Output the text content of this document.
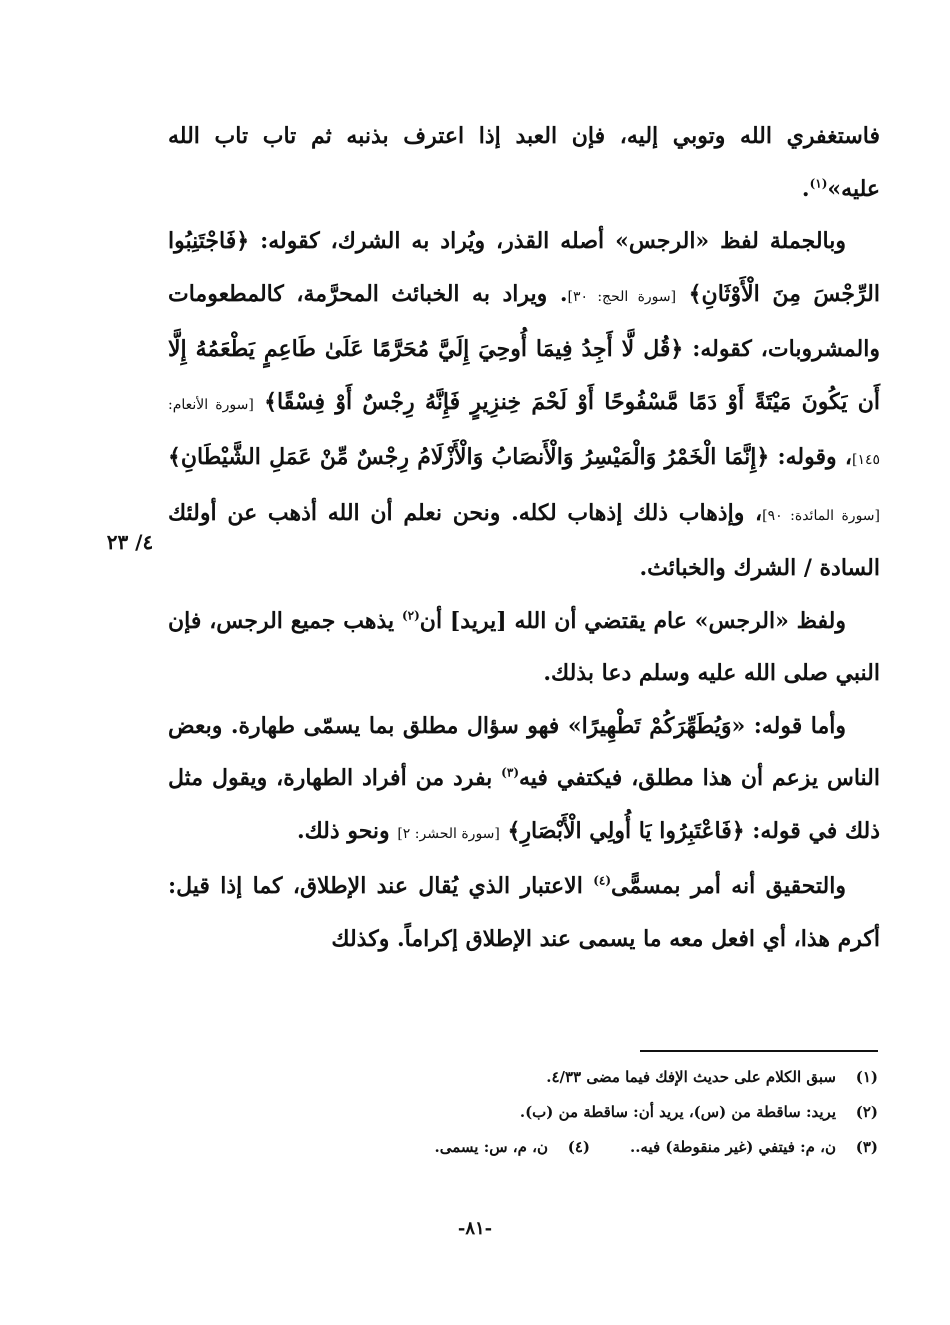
فاستغفري الله وتوبي إليه، فإن العبد إذا اعترف بذنبه ثم تاب تاب الله عليه»$^{(١)}$.

وبالجملة لفظ «الرجس» أصله القذر، ويُراد به الشرك، كقوله: ﴿فَاجْتَنِبُوا الرِّجْسَ مِنَ الْأَوْثَانِ﴾ [سورة الحج: ٣٠]. ويراد به الخبائث المحرَّمة، كالمطعومات والمشروبات، كقوله: ﴿قُل لَّا أَجِدُ فِيمَا أُوحِيَ إِلَيَّ مُحَرَّمًا عَلَىٰ طَاعِمٍ يَطْعَمُهُ إِلَّا أَن يَكُونَ مَيْتَةً أَوْ دَمًا مَّسْفُوحًا أَوْ لَحْمَ خِنزِيرٍ فَإِنَّهُ رِجْسٌ أَوْ فِسْقًا﴾ [سورة الأنعام: ١٤٥]، وقوله: ﴿إِنَّمَا الْخَمْرُ وَالْمَيْسِرُ وَالْأَنصَابُ وَالْأَزْلَامُ رِجْسٌ مِّنْ عَمَلِ الشَّيْطَانِ﴾ [سورة المائدة: ٩٠]، وإذهاب ذلك إذهاب لكله. ونحن نعلم أن الله أذهب عن أولئك السادة / الشرك والخبائث.

ولفظ «الرجس» عام يقتضي أن الله [يريد] أن$^{(٢)}$ يذهب جميع الرجس، فإن النبي صلى الله عليه وسلم دعا بذلك.

وأما قوله: «وَيُطَهِّرَكُمْ تَطْهِيرًا» فهو سؤال مطلق بما يسمّى طهارة. وبعض الناس يزعم أن هذا مطلق، فيكتفي فيه$^{(٣)}$ بفرد من أفراد الطهارة، ويقول مثل ذلك في قوله: ﴿فَاعْتَبِرُوا يَا أُولِي الْأَبْصَارِ﴾ [سورة الحشر: ٢] ونحو ذلك.

والتحقيق أنه أمر بمسمًّى$^{(٤)}$ الاعتبار الذي يُقال عند الإطلاق، كما إذا قيل: أكرم هذا، أي افعل معه ما يسمى عند الإطلاق إكراماً. وكذلك

٤/ ٢٣
(١)سبق الكلام على حديث الإفك فيما مضى ٤/٣٣.
(٢)يريد: ساقطة من (س)، يريد أن: ساقطة من (ب).
(٣)ن، م: فيتفي (غير منقوطة) فيه..(٤)ن، م، س: يسمى.
-٨١-
